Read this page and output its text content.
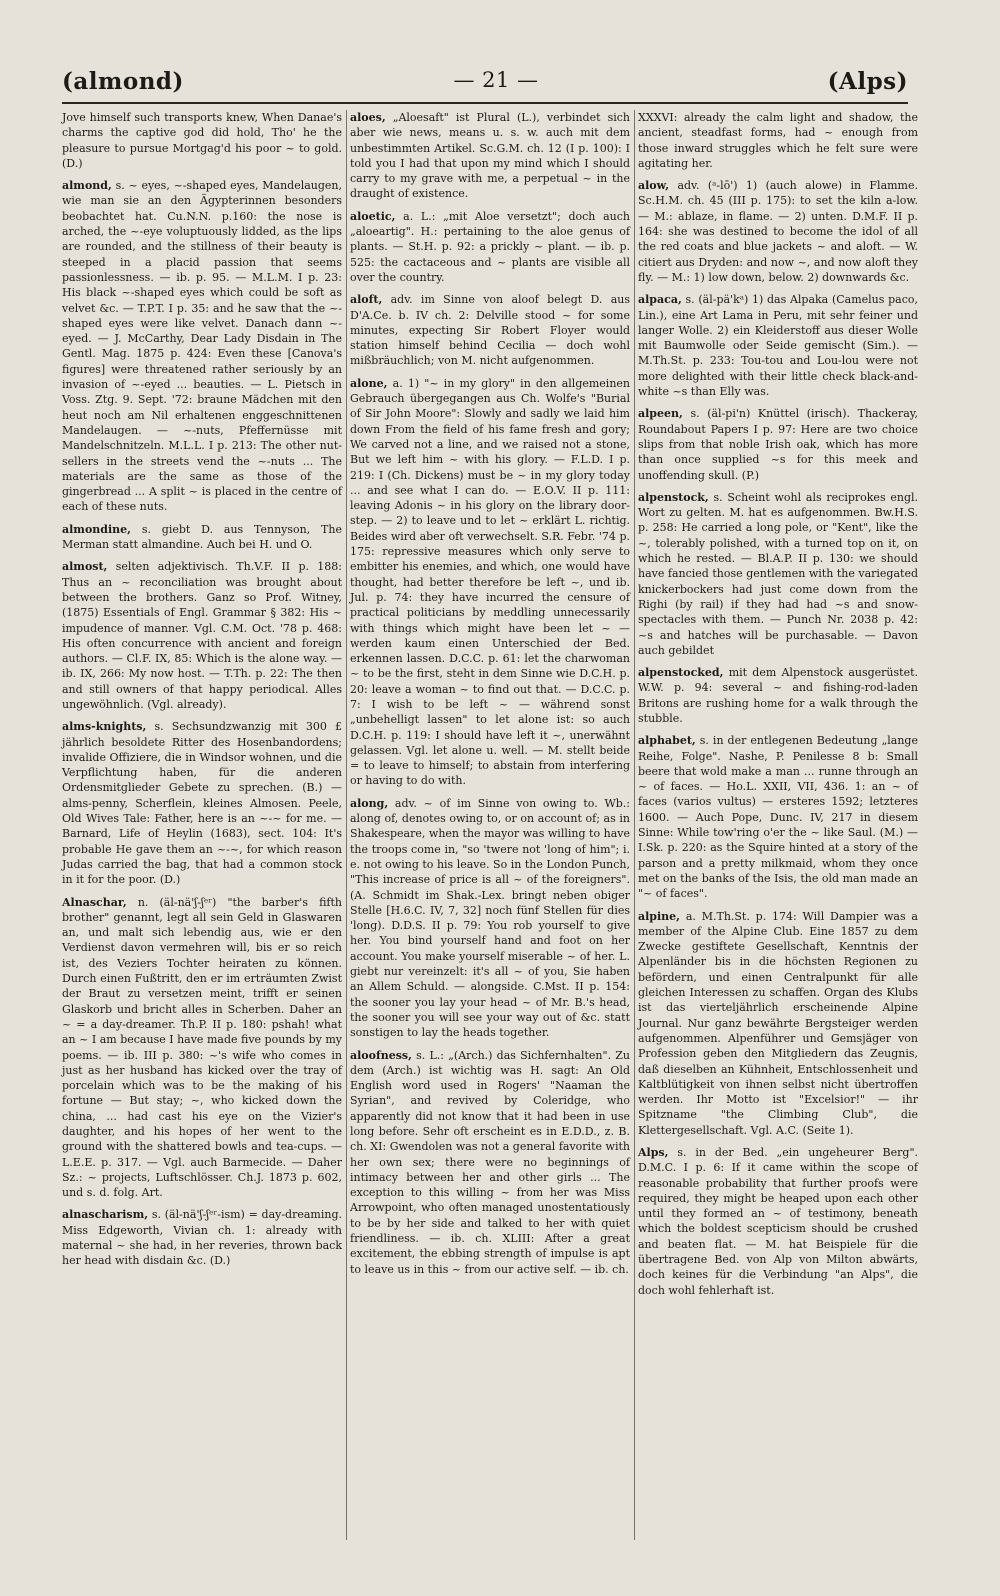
(almond)	— 21 —	(Alps)

Jove himself such transports knew, When Danae's charms the captive god did hold, Tho' he the pleasure to pursue Mortgag'd his poor ~ to gold. (D.)

almond, s. ~ eyes, ~-shaped eyes, Mandelaugen, wie man sie an den Ägypterinnen besonders beobachtet hat. Cu.N.N. p.160: the nose is arched, the ~-eye voluptuously lidded, as the lips are rounded, and the stillness of their beauty is steeped in a placid passion that seems passionlessness. — ib. p. 95. — M.L.M. I p. 23: His black ~-shaped eyes which could be soft as velvet &c. — T.P.T. I p. 35: and he saw that the ~-shaped eyes were like velvet. Danach dann ~-eyed. — J. McCarthy, Dear Lady Disdain in The Gentl. Mag. 1875 p. 424: Even these [Canova's figures] were threatened rather seriously by an invasion of ~-eyed ... beauties. — L. Pietsch in Voss. Ztg. 9. Sept. '72: braune Mädchen mit den heut noch am Nil erhaltenen enggeschnittenen Mandelaugen. — ~-nuts, Pfeffernüsse mit Mandelschnitzeln. M.L.L. I p. 213: The other nut-sellers in the streets vend the ~-nuts ... The materials are the same as those of the gingerbread ... A split ~ is placed in the centre of each of these nuts.

almondine, s. giebt D. aus Tennyson, The Merman statt almandine. Auch bei H. und O.

almost, selten adjektivisch. Th.V.F. II p. 188: Thus an ~ reconciliation was brought about between the brothers. Ganz so Prof. Witney, (1875) Essentials of Engl. Grammar § 382: His ~ impudence of manner. Vgl. C.M. Oct. '78 p. 468: His often concurrence with ancient and foreign authors. — Cl.F. IX, 85: Which is the alone way. — ib. IX, 266: My now host. — T.Th. p. 22: The then and still owners of that happy periodical. Alles ungewöhnlich. (Vgl. already).

alms-knights, s. Sechsundzwanzig mit 300 £ jährlich besoldete Ritter des Hosenbandordens; invalide Offiziere, die in Windsor wohnen, und die Verpflichtung haben, für die anderen Ordensmitglieder Gebete zu sprechen. (B.) — alms-penny, Scherflein, kleines Almosen. Peele, Old Wives Tale: Father, here is an ~-~ for me. — Barnard, Life of Heylin (1683), sect. 104: It's probable He gave them an ~-~, for which reason Judas carried the bag, that had a common stock in it for the poor. (D.)

Alnaschar, n. (äl-nä'ʃ-ʃᵉʳ) "the barber's fifth brother" genannt, legt all sein Geld in Glaswaren an, und malt sich lebendig aus, wie er den Verdienst davon vermehren will, bis er so reich ist, des Veziers Tochter heiraten zu können. Durch einen Fußtritt, den er im erträumten Zwist der Braut zu versetzen meint, trifft er seinen Glaskorb und bricht alles in Scherben. Daher an ~ = a day-dreamer. Th.P. II p. 180: pshah! what an ~ I am because I have made five pounds by my poems. — ib. III p. 380: ~'s wife who comes in just as her husband has kicked over the tray of porcelain which was to be the making of his fortune — But stay; ~, who kicked down the china, ... had cast his eye on the Vizier's daughter, and his hopes of her went to the ground with the shattered bowls and tea-cups. — L.E.E. p. 317. — Vgl. auch Barmecide. — Daher Sz.: ~ projects, Luftschlösser. Ch.J. 1873 p. 602, und s. d. folg. Art.

alnascharism, s. (äl-nä'ʃ-ʃᵉʳ-ism) = day-dreaming. Miss Edgeworth, Vivian ch. 1: already with maternal ~ she had, in her reveries, thrown back her head with disdain &c. (D.)

aloes, „Aloesaft" ist Plural (L.), verbindet sich aber wie news, means u. s. w. auch mit dem unbestimmten Artikel. Sc.G.M. ch. 12 (I p. 100): I told you I had that upon my mind which I should carry to my grave with me, a perpetual ~ in the draught of existence.

aloetic, a. L.: „mit Aloe versetzt"; doch auch „aloeartig". H.: pertaining to the aloe genus of plants. — St.H. p. 92: a prickly ~ plant. — ib. p. 525: the cactaceous and ~ plants are visible all over the country.

aloft, adv. im Sinne von aloof belegt D. aus D'A.Ce. b. IV ch. 2: Delville stood ~ for some minutes, expecting Sir Robert Floyer would station himself behind Cecilia — doch wohl mißbräuchlich; von M. nicht aufgenommen.

alone, a. 1) "~ in my glory" in den allgemeinen Gebrauch übergegangen aus Ch. Wolfe's "Burial of Sir John Moore": Slowly and sadly we laid him down From the field of his fame fresh and gory; We carved not a line, and we raised not a stone, But we left him ~ with his glory. — F.L.D. I p. 219: I (Ch. Dickens) must be ~ in my glory today ... and see what I can do. — E.O.V. II p. 111: leaving Adonis ~ in his glory on the library door-step. — 2) to leave und to let ~ erklärt L. richtig. Beides wird aber oft verwechselt. S.R. Febr. '74 p. 175: repressive measures which only serve to embitter his enemies, and which, one would have thought, had better therefore be left ~, und ib. Jul. p. 74: they have incurred the censure of practical politicians by meddling unnecessarily with things which might have been let ~ — werden kaum einen Unterschied der Bed. erkennen lassen. D.C.C. p. 61: let the charwoman ~ to be the first, steht in dem Sinne wie D.C.H. p. 20: leave a woman ~ to find out that. — D.C.C. p. 7: I wish to be left ~ — während sonst „unbehelligt lassen" to let alone ist: so auch D.C.H. p. 119: I should have left it ~, unerwähnt gelassen. Vgl. let alone u. well. — M. stellt beide = to leave to himself; to abstain from interfering or having to do with.

along, adv. ~ of im Sinne von owing to. Wb.: along of, denotes owing to, or on account of; as in Shakespeare, when the mayor was willing to have the troops come in, "so 'twere not 'long of him"; i. e. not owing to his leave. So in the London Punch, "This increase of price is all ~ of the foreigners". (A. Schmidt im Shak.-Lex. bringt neben obiger Stelle [H.6.C. IV, 7, 32] noch fünf Stellen für dies 'long). D.D.S. II p. 79: You rob yourself to give her. You bind yourself hand and foot on her account. You make yourself miserable ~ of her. L. giebt nur vereinzelt: it's all ~ of you, Sie haben an Allem Schuld. — alongside. C.Mst. II p. 154: the sooner you lay your head ~ of Mr. B.'s head, the sooner you will see your way out of &c. statt sonstigen to lay the heads together.

aloofness, s. L.: „(Arch.) das Sichfernhalten". Zu dem (Arch.) ist wichtig was H. sagt: An Old English word used in Rogers' "Naaman the Syrian", and revived by Coleridge, who apparently did not know that it had been in use long before. Sehr oft erscheint es in E.D.D., z. B. ch. XI: Gwendolen was not a general favorite with her own sex; there were no beginnings of intimacy between her and other girls ... The exception to this willing ~ from her was Miss Arrowpoint, who often managed unostentatiously to be by her side and talked to her with quiet friendliness. — ib. ch. XLIII: After a great excitement, the ebbing strength of impulse is apt to leave us in this ~ from our active self. — ib. ch.

XXXVI: already the calm light and shadow, the ancient, steadfast forms, had ~ enough from those inward struggles which he felt sure were agitating her.

alow, adv. (ᵃ-lō') 1) (auch alowe) in Flamme. Sc.H.M. ch. 45 (III p. 175): to set the kiln a-low. — M.: ablaze, in flame. — 2) unten. D.M.F. II p. 164: she was destined to become the idol of all the red coats and blue jackets ~ and aloft. — W. citiert aus Dryden: and now ~, and now aloft they fly. — M.: 1) low down, below. 2) downwards &c.

alpaca, s. (äl-pä'kᵃ) 1) das Alpaka (Camelus paco, Lin.), eine Art Lama in Peru, mit sehr feiner und langer Wolle. 2) ein Kleiderstoff aus dieser Wolle mit Baumwolle oder Seide gemischt (Sim.). — M.Th.St. p. 233: Tou-tou and Lou-lou were not more delighted with their little check black-and-white ~s than Elly was.

alpeen, s. (äl-pi'n) Knüttel (irisch). Thackeray, Roundabout Papers I p. 97: Here are two choice slips from that noble Irish oak, which has more than once supplied ~s for this meek and unoffending skull. (P.)

alpenstock, s. Scheint wohl als reciprokes engl. Wort zu gelten. M. hat es aufgenommen. Bw.H.S. p. 258: He carried a long pole, or "Kent", like the ~, tolerably polished, with a turned top on it, on which he rested. — Bl.A.P. II p. 130: we should have fancied those gentlemen with the variegated knickerbockers had just come down from the Righi (by rail) if they had had ~s and snow-spectacles with them. — Punch Nr. 2038 p. 42: ~s and hatches will be purchasable. — Davon auch gebildet

alpenstocked, mit dem Alpenstock ausgerüstet. W.W. p. 94: several ~ and fishing-rod-laden Britons are rushing home for a walk through the stubble.

alphabet, s. in der entlegenen Bedeutung „lange Reihe, Folge". Nashe, P. Penilesse 8 b: Small beere that wold make a man ... runne through an ~ of faces. — Ho.L. XXII, VII, 436. 1: an ~ of faces (varios vultus) — ersteres 1592; letzteres 1600. — Auch Pope, Dunc. IV, 217 in diesem Sinne: While tow'ring o'er the ~ like Saul. (M.) — I.Sk. p. 220: as the Squire hinted at a story of the parson and a pretty milkmaid, whom they once met on the banks of the Isis, the old man made an "~ of faces".

alpine, a. M.Th.St. p. 174: Will Dampier was a member of the Alpine Club. Eine 1857 zu dem Zwecke gestiftete Gesellschaft, Kenntnis der Alpenländer bis in die höchsten Regionen zu befördern, und einen Centralpunkt für alle gleichen Interessen zu schaffen. Organ des Klubs ist das vierteljährlich erscheinende Alpine Journal. Nur ganz bewährte Bergsteiger werden aufgenommen. Alpenführer und Gemsjäger von Profession geben den Mitgliedern das Zeugnis, daß dieselben an Kühnheit, Entschlossenheit und Kaltblütigkeit von ihnen selbst nicht übertroffen werden. Ihr Motto ist "Excelsior!" — ihr Spitzname "the Climbing Club", die Klettergesellschaft. Vgl. A.C. (Seite 1).

Alps, s. in der Bed. „ein ungeheurer Berg". D.M.C. I p. 6: If it came within the scope of reasonable probability that further proofs were required, they might be heaped upon each other until they formed an ~ of testimony, beneath which the boldest scepticism should be crushed and beaten flat. — M. hat Beispiele für die übertragene Bed. von Alp von Milton abwärts, doch keines für die Verbindung "an Alps", die doch wohl fehlerhaft ist.
